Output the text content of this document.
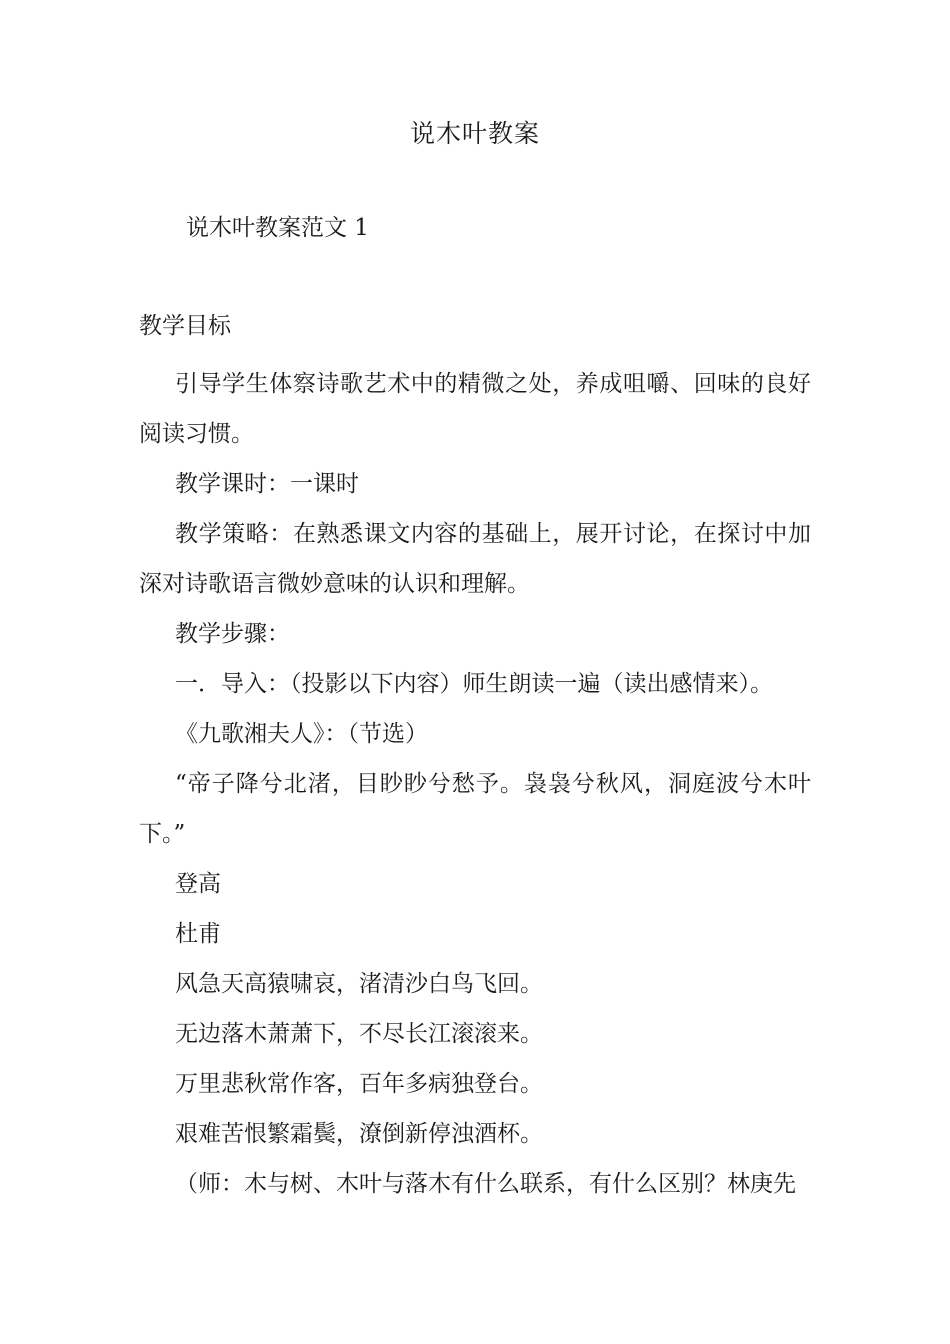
说木叶教案
说木叶教案范文 1
教学目标

引导学生体察诗歌艺术中的精微之处，养成咀嚼、回味的良好阅读习惯。

教学课时：一课时

教学策略：在熟悉课文内容的基础上，展开讨论，在探讨中加深对诗歌语言微妙意味的认识和理解。

教学步骤：

一．导入：（投影以下内容）师生朗读一遍（读出感情来）。

《九歌湘夫人》：（节选）

“帝子降兮北渚，目眇眇兮愁予。袅袅兮秋风，洞庭波兮木叶下。”

登高

杜甫

风急天高猿啸哀，渚清沙白鸟飞回。

无边落木萧萧下，不尽长江滚滚来。

万里悲秋常作客，百年多病独登台。

艰难苦恨繁霜鬓，潦倒新停浊酒杯。

（师：木与树、木叶与落木有什么联系，有什么区别？林庚先
